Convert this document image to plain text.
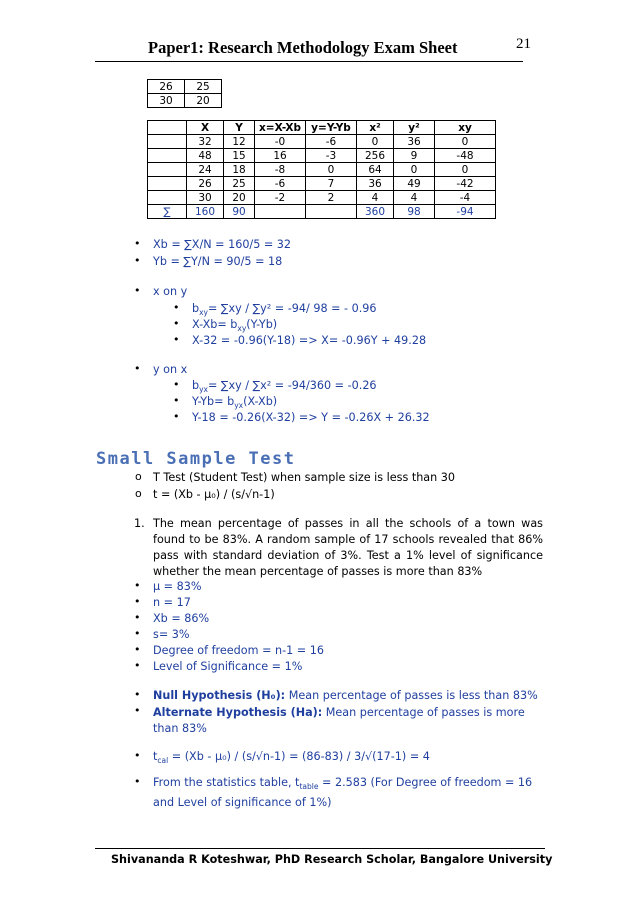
Paper1: Research Methodology Exam Sheet	21
26	25
30	20
	X	Y	x=X-Xb	y=Y-Yb	x²	y²	xy
	32	12	-0	-6	0	36	0
	48	15	16	-3	256	9	-48
	24	18	-8	0	64	0	0
	26	25	-6	7	36	49	-42
	30	20	-2	2	4	4	-4
∑	160	90			360	98	-94
• Xb = ∑X/N = 160/5 = 32
• Yb = ∑Y/N = 90/5 = 18
• x on y
• $b_{xy}= \sum xy / \sum y^2 = -94/$ 98 = - 0.96
• $X-Xb= b_{xy}(Y-Yb)$
• X-32 = -0.96(Y-18) => X= -0.96Y + 49.28
• y on x
• $b_{yx}= \sum xy / \sum x^2 = -94/360 = -0.26$
• $Y-Yb= b_{yx}(X-Xb)$
• Y-18 = -0.26(X-32) => Y = -0.26X + 26.32
Small Sample Test
o T Test (Student Test) when sample size is less than 30
o t = (Xb - μ₀) / (s/√n-1)
1. The mean percentage of passes in all the schools of a town was found to be 83%. A random sample of 17 schools revealed that 86% pass with standard deviation of 3%. Test a 1% level of significance whether the mean percentage of passes is more than 83%
• μ = 83%
• n = 17
• Xb = 86%
• s= 3%
• Degree of freedom = n-1 = 16
• Level of Significance = 1%
• Null Hypothesis (H₀): Mean percentage of passes is less than 83%
• Alternate Hypothesis (Ha): Mean percentage of passes is more than 83%
• $t_{cal} = (Xb - \mu_0) / (s/√n-1) = (86-83) / 3/√(17-1) = 4$
• From the statistics table, $t_{table} = 2.583$ (For Degree of freedom = 16 and Level of significance of 1%)
Shivananda R Koteshwar, PhD Research Scholar, Bangalore University
